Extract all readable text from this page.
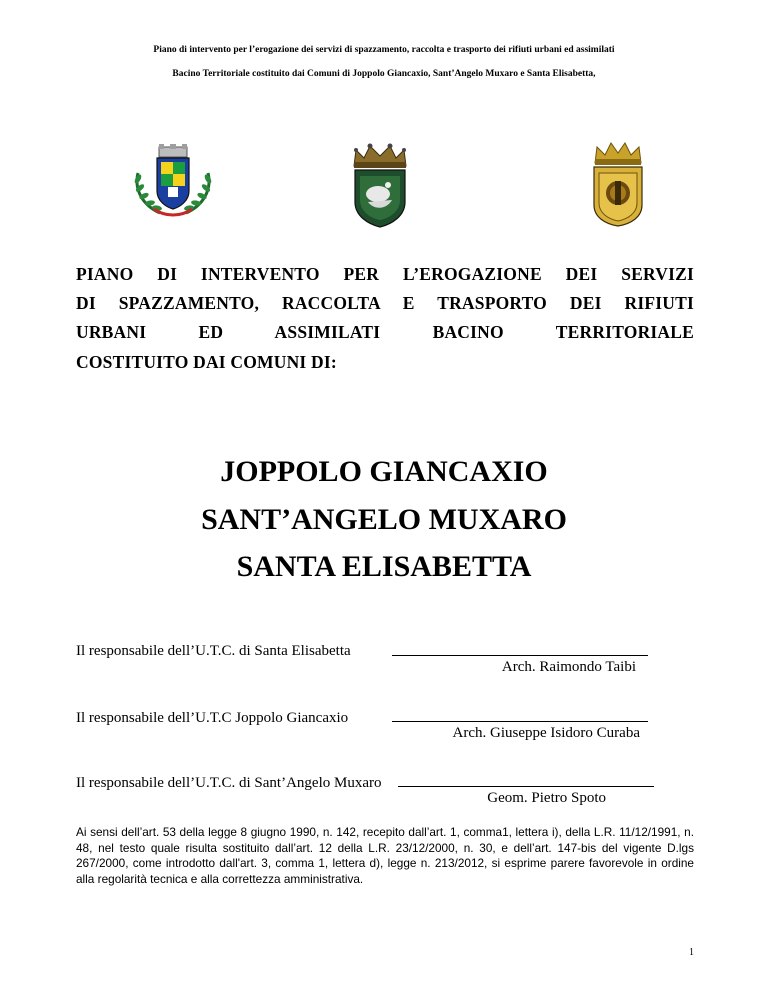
Piano di intervento per l’erogazione dei servizi di spazzamento, raccolta e trasporto dei rifiuti urbani ed assimilati
Bacino Territoriale costituito dai Comuni di Joppolo Giancaxio, Sant’Angelo Muxaro e Santa Elisabetta,
PIANO DI INTERVENTO PER L’EROGAZIONE DEI SERVIZI
DI SPAZZAMENTO, RACCOLTA E TRASPORTO DEI RIFIUTI
URBANI ED ASSIMILATI BACINO TERRITORIALE
COSTITUITO DAI COMUNI DI:
JOPPOLO GIANCAXIO
SANT’ANGELO MUXARO
SANTA ELISABETTA
Il responsabile dell’U.T.C. di Santa Elisabetta
Arch. Raimondo Taibi
Il responsabile dell’U.T.C Joppolo Giancaxio
Arch. Giuseppe Isidoro Curaba
Il responsabile dell’U.T.C. di Sant’Angelo Muxaro
Geom. Pietro Spoto
Ai sensi dell’art. 53 della legge 8 giugno 1990, n. 142, recepito dall’art. 1, comma1, lettera i), della L.R. 11/12/1991, n. 48, nel testo quale risulta sostituito dall’art. 12 della L.R. 23/12/2000, n. 30, e dell’art. 147-bis del vigente D.lgs 267/2000, come introdotto dall'art. 3, comma 1, lettera d), legge n. 213/2012, si esprime parere favorevole in ordine alla regolarità tecnica e alla correttezza amministrativa.
1
